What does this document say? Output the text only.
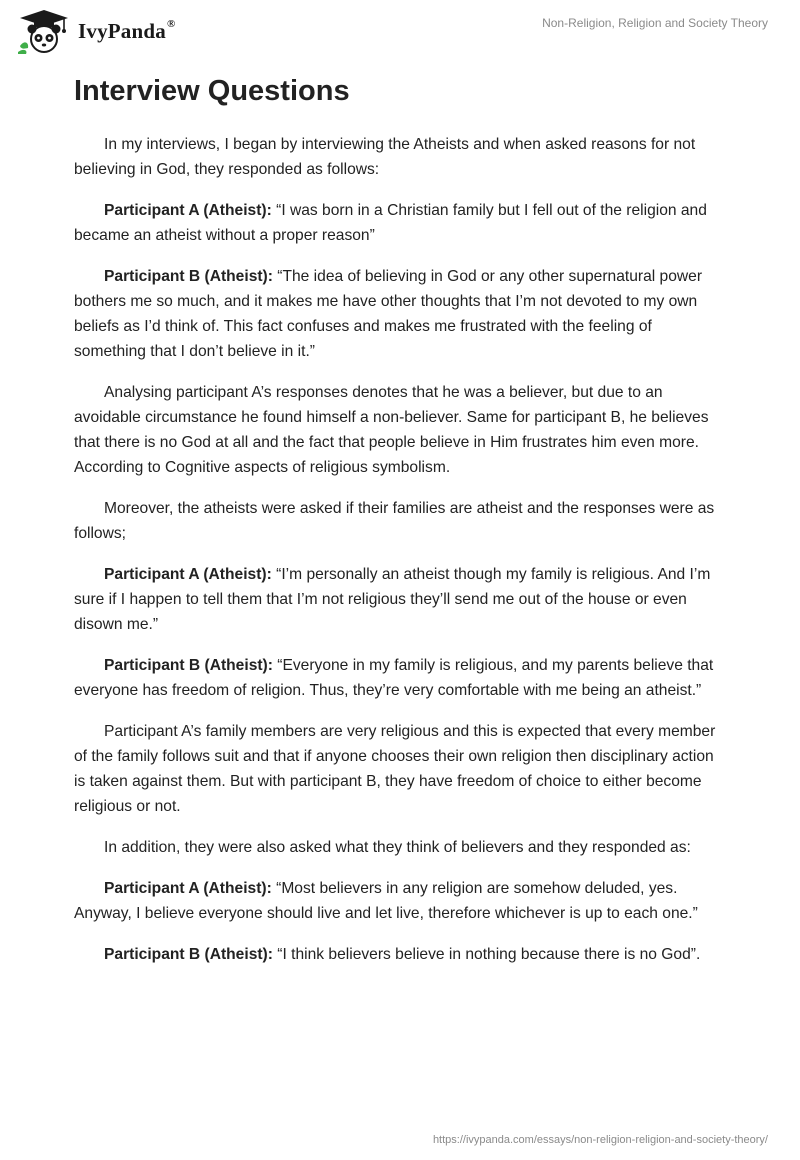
IvyPanda®	Non-Religion, Religion and Society Theory
Interview Questions

In my interviews, I began by interviewing the Atheists and when asked reasons for not believing in God, they responded as follows:

Participant A (Atheist): “I was born in a Christian family but I fell out of the religion and became an atheist without a proper reason”

Participant B (Atheist): “The idea of believing in God or any other supernatural power bothers me so much, and it makes me have other thoughts that I’m not devoted to my own beliefs as I’d think of. This fact confuses and makes me frustrated with the feeling of something that I don’t believe in it.”

Analysing participant A’s responses denotes that he was a believer, but due to an avoidable circumstance he found himself a non-believer. Same for participant B, he believes that there is no God at all and the fact that people believe in Him frustrates him even more. According to Cognitive aspects of religious symbolism.

Moreover, the atheists were asked if their families are atheist and the responses were as follows;

Participant A (Atheist): “I’m personally an atheist though my family is religious. And I’m sure if I happen to tell them that I’m not religious they’ll send me out of the house or even disown me.”

Participant B (Atheist): “Everyone in my family is religious, and my parents believe that everyone has freedom of religion. Thus, they’re very comfortable with me being an atheist.”

Participant A’s family members are very religious and this is expected that every member of the family follows suit and that if anyone chooses their own religion then disciplinary action is taken against them. But with participant B, they have freedom of choice to either become religious or not.

In addition, they were also asked what they think of believers and they responded as:

Participant A (Atheist): “Most believers in any religion are somehow deluded, yes. Anyway, I believe everyone should live and let live, therefore whichever is up to each one.”

Participant B (Atheist): “I think believers believe in nothing because there is no God”.

https://ivypanda.com/essays/non-religion-religion-and-society-theory/
